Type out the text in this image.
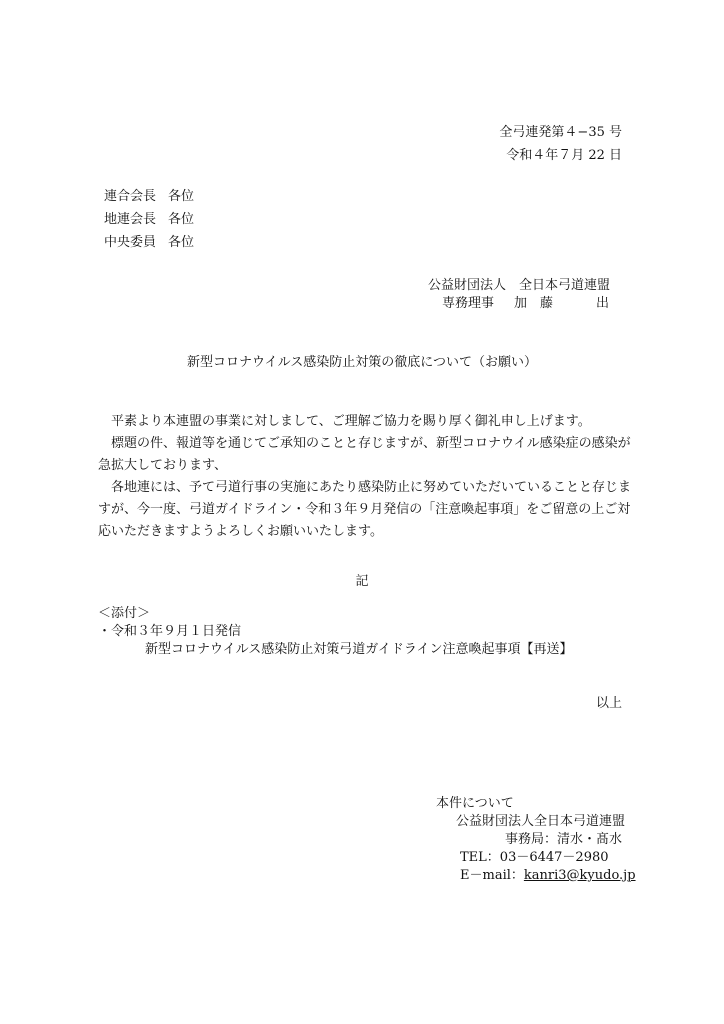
全弓連発第４−35 号
令和４年７月 22 日
連合会長 各位
地連会長 各位
中央委員 各位
公益財団法人　全日本弓道連盟
専務理事 加　藤	出
新型コロナウイルス感染防止対策の徹底について（お願い）

平素より本連盟の事業に対しまして、ご理解ご協力を賜り厚く御礼申し上げます。

標題の件、報道等を通じてご承知のことと存じますが、新型コロナウイル感染症の感染が急拡大しております、

各地連には、予て弓道行事の実施にあたり感染防止に努めていただいていることと存じますが、今一度、弓道ガイドライン・令和３年９月発信の「注意喚起事項」をご留意の上ご対応いただきますようよろしくお願いいたします。

記
＜添付＞
・令和３年９月１日発信
新型コロナウイルス感染防止対策弓道ガイドライン注意喚起事項【再送】
以上
本件について
公益財団法人全日本弓道連盟
事務局：清水・髙水
TEL：03－6447－2980
E－mail：kanri3@kyudo.jp
